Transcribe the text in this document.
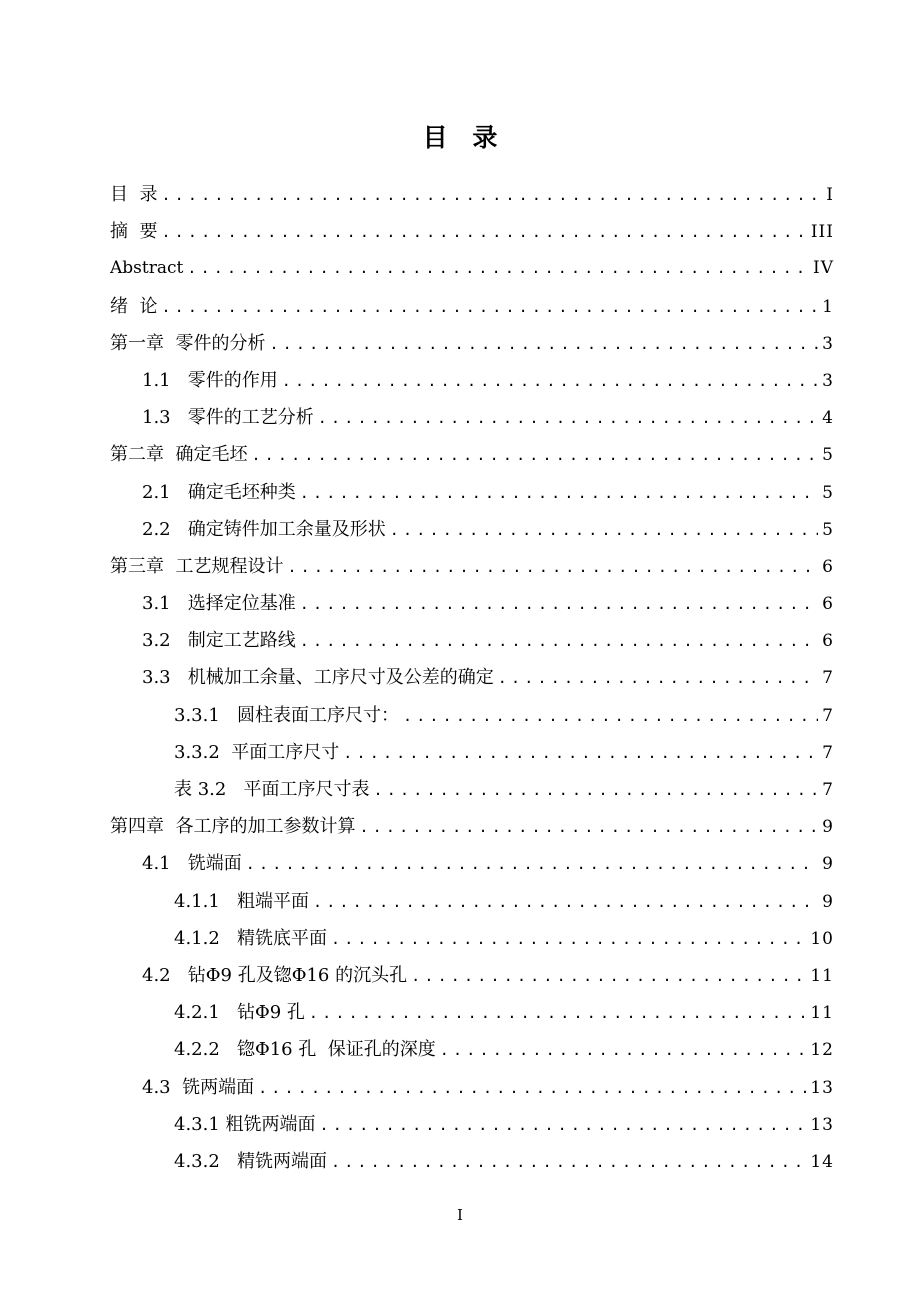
目 录
目  录 .....	I
摘  要 .....	III
Abstract .....	IV
绪  论 .....	1
第一章  零件的分析 .....	3
1.1   零件的作用 .....	3
1.3   零件的工艺分析 .....	4
第二章  确定毛坯 .....	5
2.1   确定毛坯种类 .....	5
2.2   确定铸件加工余量及形状 .....	5
第三章  工艺规程设计 .....	6
3.1   选择定位基准 .....	6
3.2   制定工艺路线 .....	6
3.3   机械加工余量、工序尺寸及公差的确定 .....	7
3.3.1   圆柱表面工序尺寸： .....	7
3.3.2  平面工序尺寸 .....	7
表 3.2   平面工序尺寸表 .....	7
第四章  各工序的加工参数计算 .....	9
4.1   铣端面 .....	9
4.1.1   粗端平面 .....	9
4.1.2   精铣底平面 .....	10
4.2   钻Φ9 孔及锪Φ16 的沉头孔 .....	11
4.2.1   钻Φ9 孔 .....	11
4.2.2   锪Φ16 孔  保证孔的深度 .....	12
4.3  铣两端面 .....	13
4.3.1 粗铣两端面 .....	13
4.3.2   精铣两端面 .....	14
I
